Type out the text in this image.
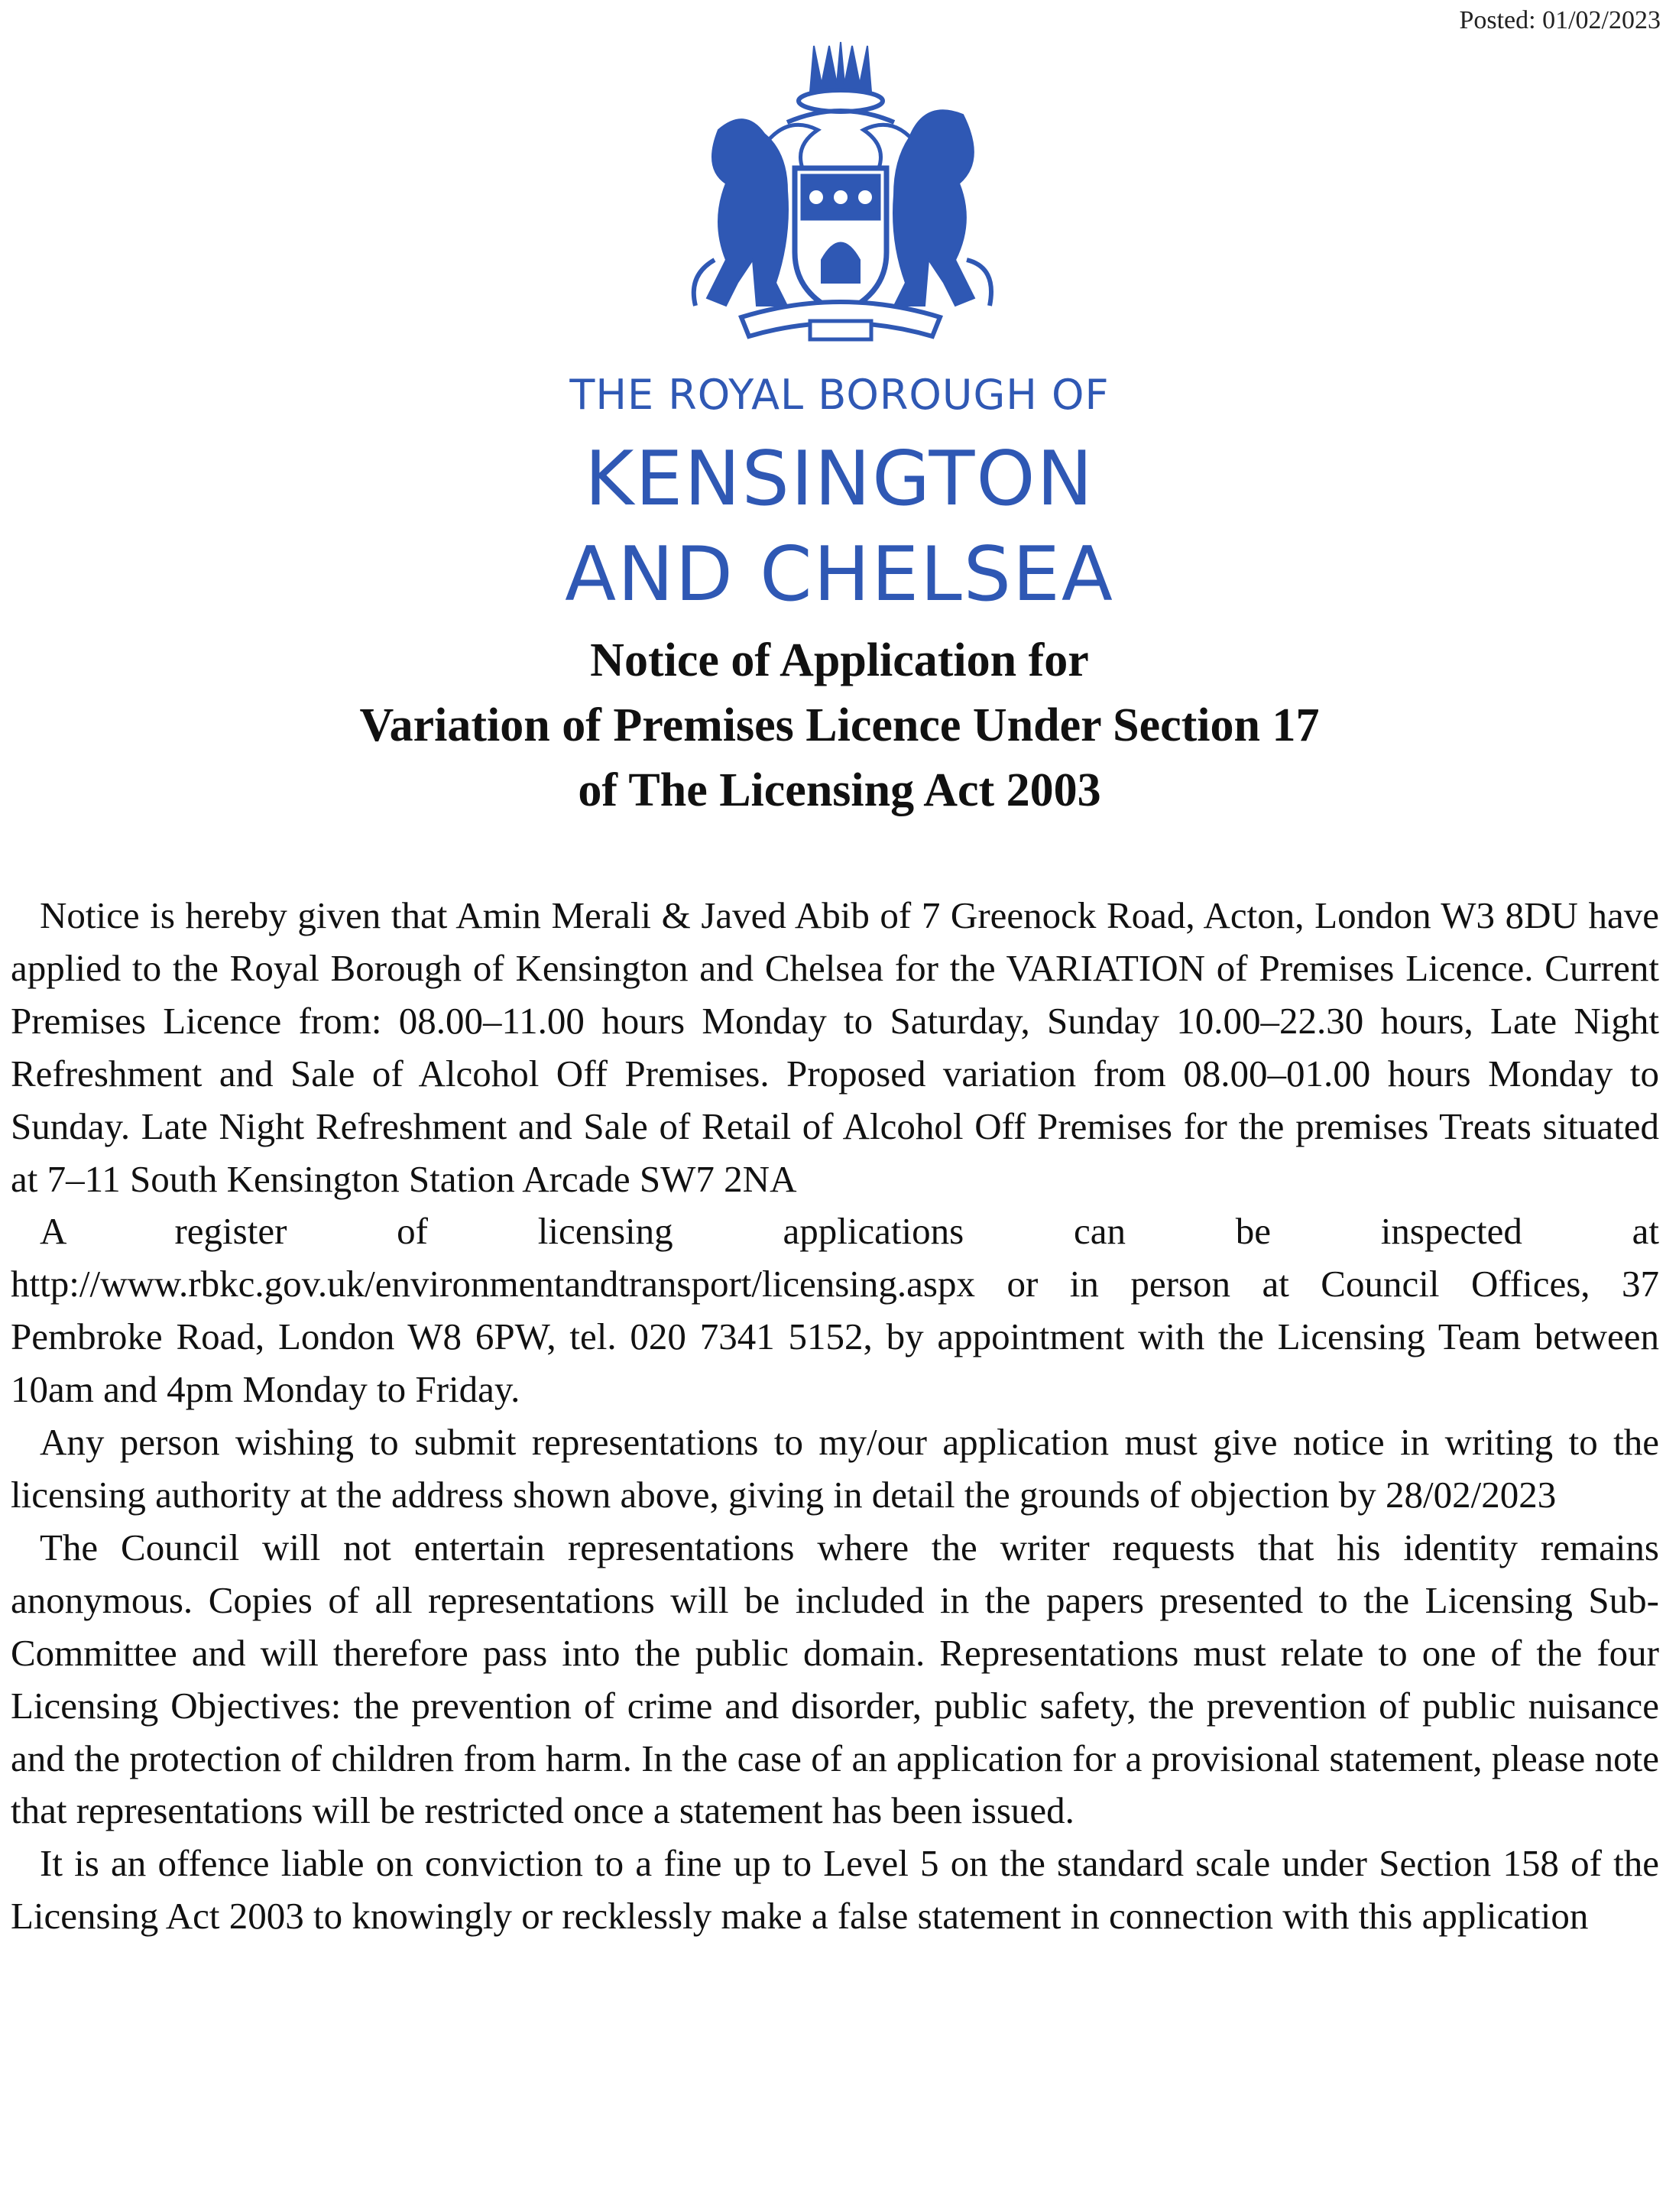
Posted: 01/02/2023
THE ROYAL BOROUGH OF
KENSINGTON
AND CHELSEA
Notice of Application for
Variation of Premises Licence Under Section 17
of The Licensing Act 2003

Notice is hereby given that Amin Merali & Javed Abib of 7 Greenock Road, Acton, London W3 8DU have applied to the Royal Borough of Kensington and Chelsea for the VARIATION of Premises Licence. Current Premises Licence from: 08.00–11.00 hours Monday to Saturday, Sunday 10.00–22.30 hours, Late Night Refreshment and Sale of Alcohol Off Premises. Proposed variation from 08.00–01.00 hours Monday to Sunday. Late Night Refreshment and Sale of Retail of Alcohol Off Premises for the premises Treats situated at 7–11 South Kensington Station Arcade SW7 2NA

A register of licensing applications can be inspected at http://www.rbkc.gov.uk/environmentandtransport/licensing.aspx or in person at Council Offices, 37 Pembroke Road, London W8 6PW, tel. 020 7341 5152, by appointment with the Licensing Team between 10am and 4pm Monday to Friday.

Any person wishing to submit representations to my/our application must give notice in writing to the licensing authority at the address shown above, giving in detail the grounds of objection by 28/02/2023

The Council will not entertain representations where the writer requests that his identity remains anonymous. Copies of all representations will be included in the papers presented to the Licensing Sub-Committee and will therefore pass into the public domain. Representations must relate to one of the four Licensing Objectives: the prevention of crime and disorder, public safety, the prevention of public nuisance and the protection of children from harm. In the case of an application for a provisional statement, please note that representations will be restricted once a statement has been issued.

It is an offence liable on conviction to a fine up to Level 5 on the standard scale under Section 158 of the Licensing Act 2003 to knowingly or recklessly make a false statement in connection with this application
